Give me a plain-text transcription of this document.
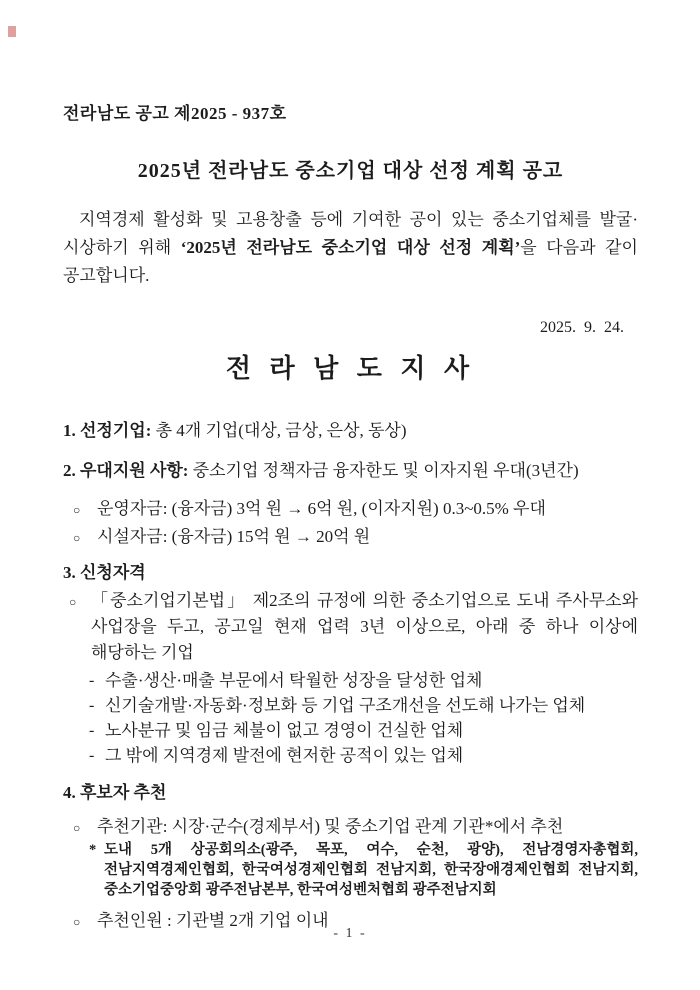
전라남도 공고 제2025 - 937호

2025년 전라남도 중소기업 대상 선정 계획 공고

지역경제 활성화 및 고용창출 등에 기여한 공이 있는 중소기업체를 발굴·시상하기 위해 ‘2025년 전라남도 중소기업 대상 선정 계획’을 다음과 같이 공고합니다.

2025.  9.  24.

전 라 남 도 지 사

1. 선정기업: 총 4개 기업(대상, 금상, 은상, 동상)

2. 우대지원 사항: 중소기업 정책자금 융자한도 및 이자지원 우대(3년간)

○ 운영자금: (융자금) 3억 원 → 6억 원, (이자지원) 0.3~0.5% 우대
○ 시설자금: (융자금) 15억 원 → 20억 원

3. 신청자격

○ 「중소기업기본법」 제2조의 규정에 의한 중소기업으로 도내 주사무소와 사업장을 두고, 공고일 현재 업력 3년 이상으로, 아래 중 하나 이상에 해당하는 기업
- 수출·생산·매출 부문에서 탁월한 성장을 달성한 업체
- 신기술개발·자동화·정보화 등 기업 구조개선을 선도해 나가는 업체
- 노사분규 및 임금 체불이 없고 경영이 건실한 업체
- 그 밖에 지역경제 발전에 현저한 공적이 있는 업체

4. 후보자 추천

○ 추천기관: 시장·군수(경제부서) 및 중소기업 관계 기관*에서 추천
* 도내 5개 상공회의소(광주, 목포, 여수, 순천, 광양), 전남경영자총협회, 전남지역경제인협회, 한국여성경제인협회 전남지회, 한국장애경제인협회 전남지회, 중소기업중앙회 광주전남본부, 한국여성벤처협회 광주전남지회
○ 추천인원 : 기관별 2개 기업 이내

- 1 -
